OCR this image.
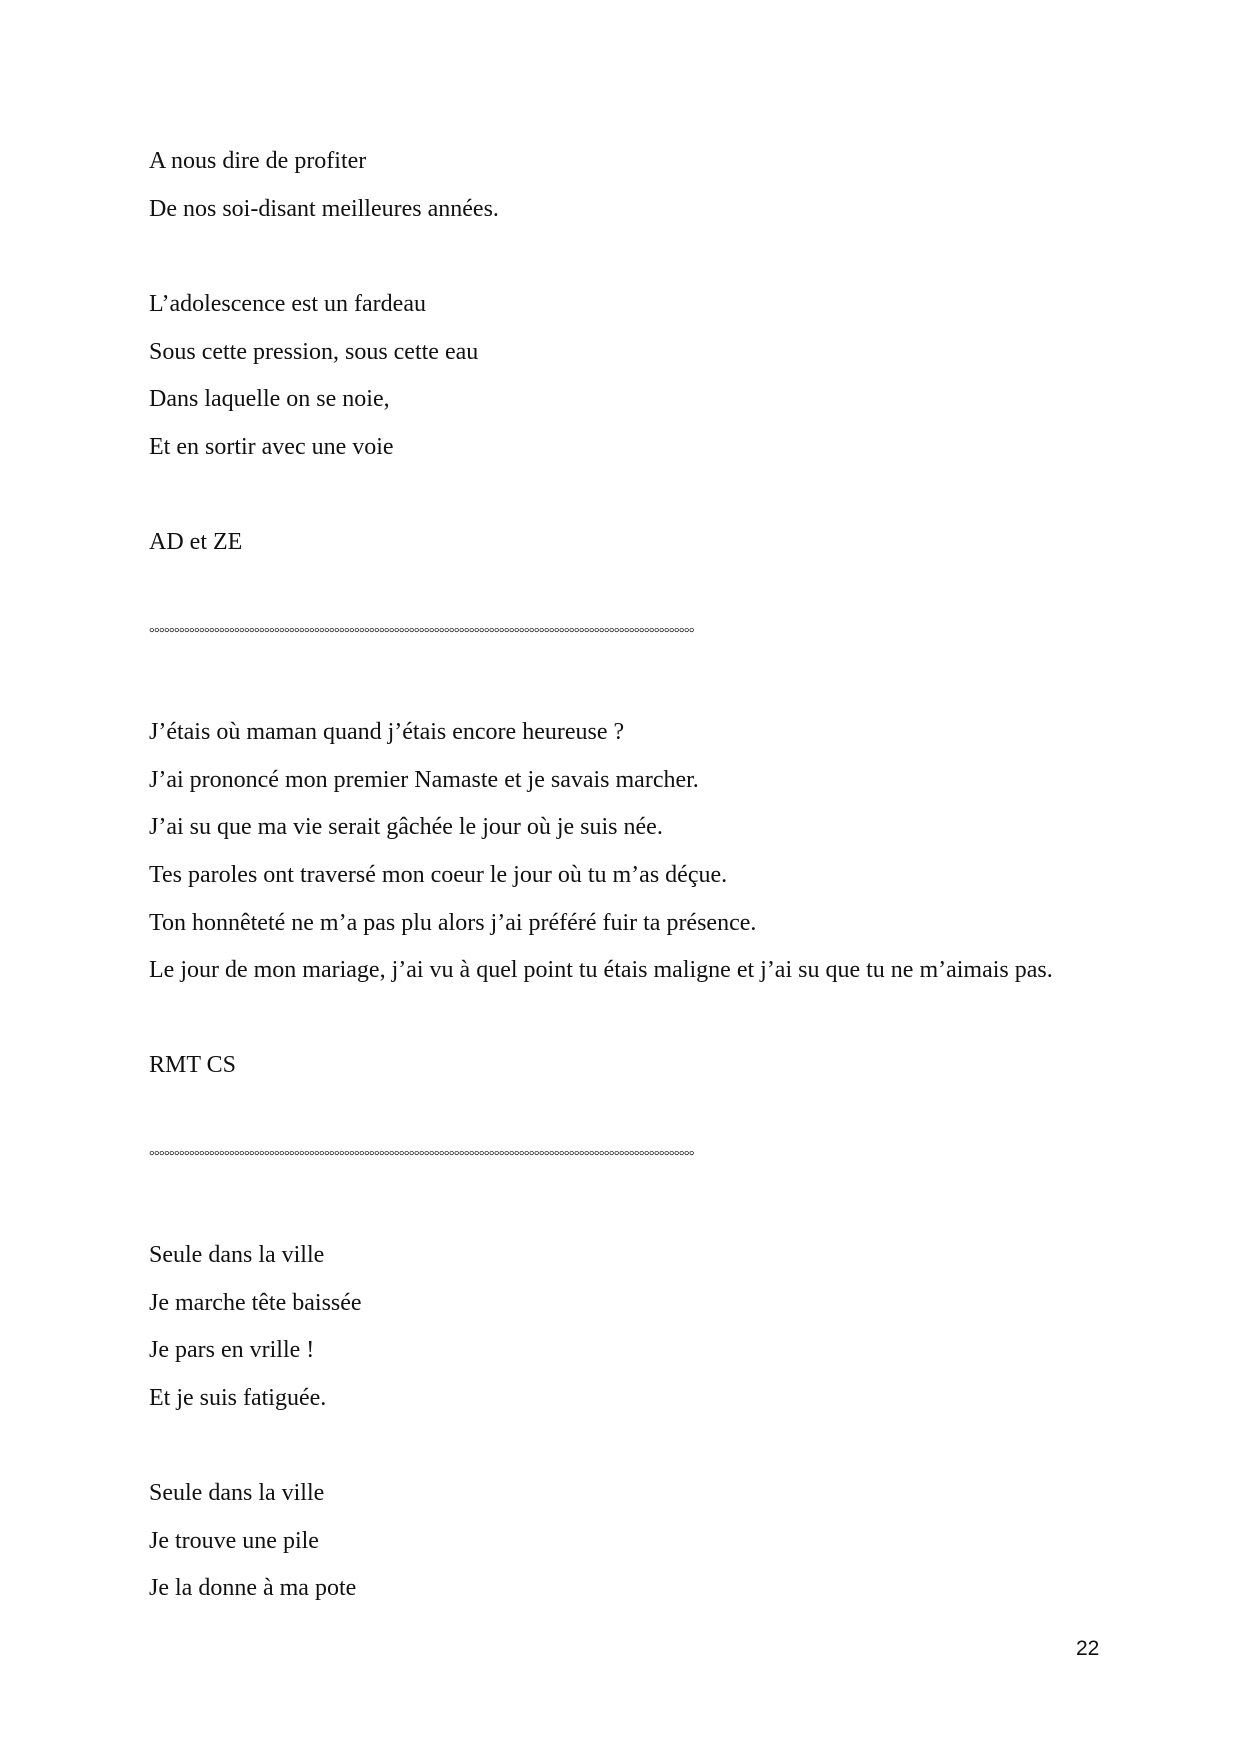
A nous dire de profiter
De nos soi-disant meilleures années.
L’adolescence est un fardeau
Sous cette pression, sous cette eau
Dans laquelle on se noie,
Et en sortir avec une voie
AD et ZE
°°°°°°°°°°°°°°°°°°°°°°°°°°°°°°°°°°°°°°°°°°°°°°°°°°°°°°°°°°°°°°°°°°°°°°°°°°°°°°°°°°°°°°°°°°°°°°°°°°°°°°°°°°°°°
J’étais où maman quand j’étais encore heureuse ?
J’ai prononcé mon premier Namaste et je savais marcher.
J’ai su que ma vie serait gâchée le jour où je suis née.
Tes paroles ont traversé mon coeur le jour où tu m’as déçue.
Ton honnêteté ne m’a pas plu alors j’ai préféré fuir ta présence.
Le jour de mon mariage, j’ai vu à quel point tu étais maligne et j’ai su que tu ne m’aimais pas.
RMT CS
°°°°°°°°°°°°°°°°°°°°°°°°°°°°°°°°°°°°°°°°°°°°°°°°°°°°°°°°°°°°°°°°°°°°°°°°°°°°°°°°°°°°°°°°°°°°°°°°°°°°°°°°°°°°°
Seule dans la ville
Je marche tête baissée
Je pars en vrille !
Et je suis fatiguée.
Seule dans la ville
Je trouve une pile
Je la donne à ma pote
22
